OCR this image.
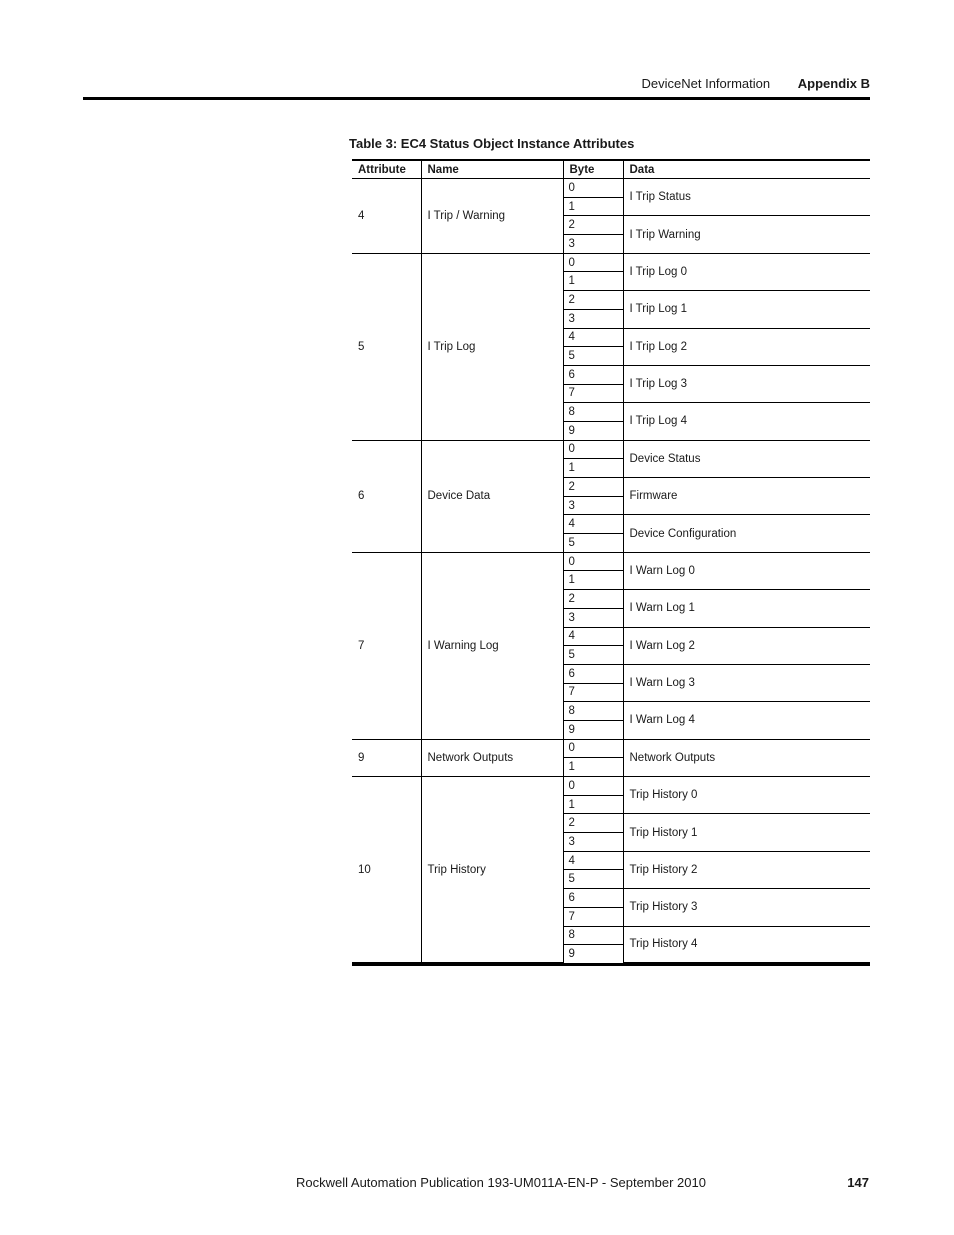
DeviceNet Information Appendix B
Table 3: EC4 Status Object Instance Attributes
Attribute	Name	Byte	Data
4	I Trip / Warning	0	I Trip Status
		1	
		2	I Trip Warning
		3	
5	I Trip Log	0	I Trip Log 0
		1	
		2	I Trip Log 1
		3	
		4	I Trip Log 2
		5	
		6	I Trip Log 3
		7	
		8	I Trip Log 4
		9	
6	Device Data	0	Device Status
		1	
		2	Firmware
		3	
		4	Device Configuration
		5	
7	I Warning Log	0	I Warn Log 0
		1	
		2	I Warn Log 1
		3	
		4	I Warn Log 2
		5	
		6	I Warn Log 3
		7	
		8	I Warn Log 4
		9	
9	Network Outputs	0	Network Outputs
		1	
10	Trip History	0	Trip History 0
		1	
		2	Trip History 1
		3	
		4	Trip History 2
		5	
		6	Trip History 3
		7	
		8	Trip History 4
		9	
Rockwell Automation Publication 193-UM011A-EN-P - September 2010	147
